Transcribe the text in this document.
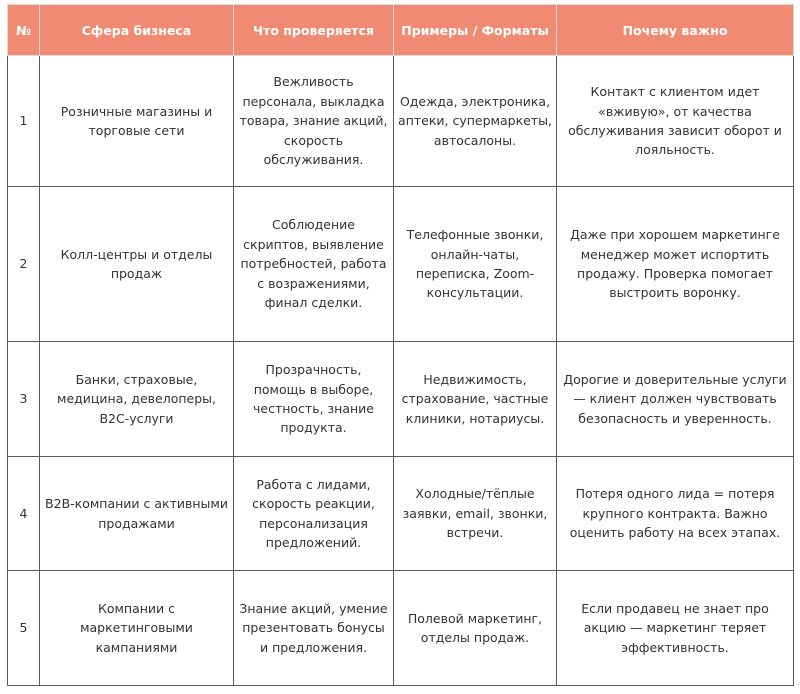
№	Сфера бизнеса	Что проверяется	Примеры / Форматы	Почему важно
1	Розничные магазины и торговые сети	Вежливость персонала, выкладка товара, знание акций, скорость обслуживания.	Одежда, электроника, аптеки, супермаркеты, автосалоны.	Контакт с клиентом идет «вживую», от качества обслуживания зависит оборот и лояльность.
2	Колл-центры и отделы продаж	Соблюдение скриптов, выявление потребностей, работа с возражениями, финал сделки.	Телефонные звонки, онлайн-чаты, переписка, Zoom-консультации.	Даже при хорошем маркетинге менеджер может испортить продажу. Проверка помогает выстроить воронку.
3	Банки, страховые, медицина, девелоперы, B2C-услуги	Прозрачность, помощь в выборе, честность, знание продукта.	Недвижимость, страхование, частные клиники, нотариусы.	Дорогие и доверительные услуги — клиент должен чувствовать безопасность и уверенность.
4	B2B-компании с активными продажами	Работа с лидами, скорость реакции, персонализация предложений.	Холодные/тёплые заявки, email, звонки, встречи.	Потеря одного лида = потеря крупного контракта. Важно оценить работу на всех этапах.
5	Компании с маркетинговыми кампаниями	Знание акций, умение презентовать бонусы и предложения.	Полевой маркетинг, отделы продаж.	Если продавец не знает про акцию — маркетинг теряет эффективность.
